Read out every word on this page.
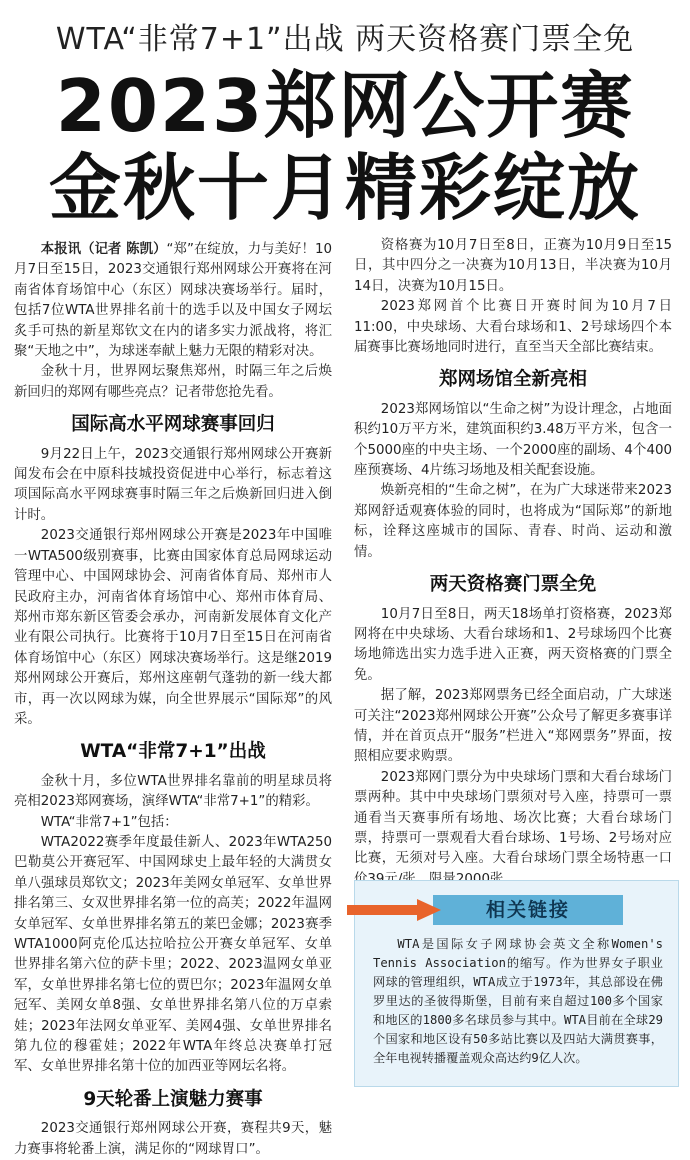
WTA“非常7+1”出战 两天资格赛门票全免
2023郑网公开赛
金秋十月精彩绽放

本报讯（记者 陈凯）“郑”在绽放，力与美好！10月7日至15日，2023交通银行郑州网球公开赛将在河南省体育场馆中心（东区）网球决赛场举行。届时，包括7位WTA世界排名前十的选手以及中国女子网坛炙手可热的新星郑钦文在内的诸多实力派战将，将汇聚“天地之中”，为球迷奉献上魅力无限的精彩对决。

金秋十月，世界网坛聚焦郑州，时隔三年之后焕新回归的郑网有哪些亮点？记者带您抢先看。

国际高水平网球赛事回归

9月22日上午，2023交通银行郑州网球公开赛新闻发布会在中原科技城投资促进中心举行，标志着这项国际高水平网球赛事时隔三年之后焕新回归进入倒计时。

2023交通银行郑州网球公开赛是2023年中国唯一WTA500级别赛事，比赛由国家体育总局网球运动管理中心、中国网球协会、河南省体育局、郑州市人民政府主办，河南省体育场馆中心、郑州市体育局、郑州市郑东新区管委会承办，河南新发展体育文化产业有限公司执行。比赛将于10月7日至15日在河南省体育场馆中心（东区）网球决赛场举行。这是继2019郑州网球公开赛后，郑州这座朝气蓬勃的新一线大都市，再一次以网球为媒，向全世界展示“国际郑”的风采。

WTA“非常7+1”出战

金秋十月，多位WTA世界排名靠前的明星球员将亮相2023郑网赛场，演绎WTA“非常7+1”的精彩。

WTA“非常7+1”包括：

WTA2022赛季年度最佳新人、2023年WTA250巴勒莫公开赛冠军、中国网球史上最年轻的大满贯女单八强球员郑钦文；2023年美网女单冠军、女单世界排名第三、女双世界排名第一位的高芙；2022年温网女单冠军、女单世界排名第五的莱巴金娜；2023赛季WTA1000阿克伦瓜达拉哈拉公开赛女单冠军、女单世界排名第六位的萨卡里；2022、2023温网女单亚军，女单世界排名第七位的贾巴尔；2023年温网女单冠军、美网女单8强、女单世界排名第八位的万卓索娃；2023年法网女单亚军、美网4强、女单世界排名第九位的穆霍娃；2022年WTA年终总决赛单打冠军、女单世界排名第十位的加西亚等网坛名将。

9天轮番上演魅力赛事

2023交通银行郑州网球公开赛，赛程共9天，魅力赛事将轮番上演，满足你的“网球胃口”。

资格赛为10月7日至8日，正赛为10月9日至15日，其中四分之一决赛为10月13日，半决赛为10月14日，决赛为10月15日。

2023郑网首个比赛日开赛时间为10月7日11:00，中央球场、大看台球场和1、2号球场四个本届赛事比赛场地同时进行，直至当天全部比赛结束。

郑网场馆全新亮相

2023郑网场馆以“生命之树”为设计理念，占地面积约10万平方米，建筑面积约3.48万平方米，包含一个5000座的中央主场、一个2000座的副场、4个400座预赛场、4片练习场地及相关配套设施。

焕新亮相的“生命之树”，在为广大球迷带来2023郑网舒适观赛体验的同时，也将成为“国际郑”的新地标，诠释这座城市的国际、青春、时尚、运动和激情。

两天资格赛门票全免

10月7日至8日，两天18场单打资格赛，2023郑网将在中央球场、大看台球场和1、2号球场四个比赛场地筛选出实力选手进入正赛，两天资格赛的门票全免。

据了解，2023郑网票务已经全面启动，广大球迷可关注“2023郑州网球公开赛”公众号了解更多赛事详情，并在首页点开“服务”栏进入“郑网票务”界面，按照相应要求购票。

2023郑网门票分为中央球场门票和大看台球场门票两种。其中中央球场门票须对号入座，持票可一票通看当天赛事所有场地、场次比赛；大看台球场门票，持票可一票观看大看台球场、1号场、2号场对应比赛，无须对号入座。大看台球场门票全场特惠一口

相关链接

WTA是国际女子网球协会英文全称Women's Tennis Association的缩写。作为世界女子职业网球的管理组织，WTA成立于1973年，其总部设在佛罗里达的圣彼得斯堡，目前有来自超过100多个国家和地区的1800多名球员参与其中。WTA目前在全球29个国家和地区设有50多站比赛以及四站大满贯赛事，全年电视转播覆盖观众高达约9亿人次。
